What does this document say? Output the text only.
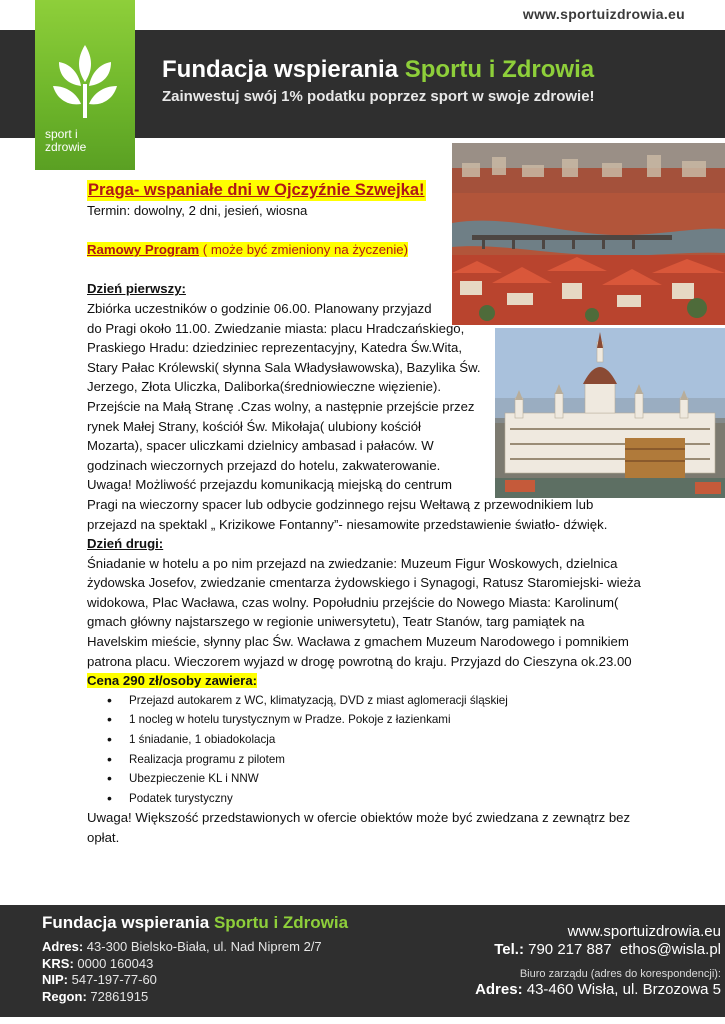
www.sportuizdrowia.eu
sport i
zdrowie
Fundacja wspierania Sportu i Zdrowia
Zainwestuj swój 1% podatku poprzez sport w swoje zdrowie!
Praga- wspaniałe dni w Ojczyźnie Szwejka!
Termin: dowolny, 2 dni, jesień, wiosna
Ramowy Program ( może być zmieniony na życzenie)
Dzień pierwszy:
Zbiórka uczestników o godzinie 06.00. Planowany przyjazd
do Pragi około 11.00. Zwiedzanie miasta: placu Hradczańskiego,
Praskiego Hradu: dziedziniec reprezentacyjny, Katedra Św.Wita,
Stary Pałac Królewski( słynna Sala Władysławowska), Bazylika Św.
Jerzego, Złota Uliczka, Daliborka(średniowieczne więzienie).
Przejście na Małą Stranę .Czas wolny, a następnie przejście przez
rynek Małej Strany, kościół Św. Mikołaja( ulubiony kościół
Mozarta), spacer uliczkami dzielnicy ambasad i pałaców. W
godzinach wieczornych przejazd do hotelu, zakwaterowanie.
Uwaga! Możliwość przejazdu komunikacją miejską do centrum
Pragi na wieczorny spacer lub odbycie godzinnego rejsu Wełtawą z przewodnikiem lub
przejazd na spektakl „ Krizikowe Fontanny”- niesamowite przedstawienie światło- dźwięk.
Dzień drugi:
Śniadanie w hotelu a po nim przejazd na zwiedzanie: Muzeum Figur Woskowych, dzielnica
żydowska Josefov, zwiedzanie cmentarza żydowskiego i Synagogi, Ratusz Staromiejski- wieża
widokowa, Plac Wacława, czas wolny. Popołudniu przejście do Nowego Miasta: Karolinum(
gmach główny najstarszego w regionie uniwersytetu), Teatr Stanów, targ pamiątek na
Havelskim mieście, słynny plac Św. Wacława z gmachem Muzeum Narodowego i pomnikiem
patrona placu. Wieczorem wyjazd w drogę powrotną do kraju. Przyjazd do Cieszyna ok.23.00
Cena 290 zł/osoby zawiera:
• Przejazd autokarem z WC, klimatyzacją, DVD z miast aglomeracji śląskiej
• 1 nocleg w hotelu turystycznym w Pradze. Pokoje z łazienkami
• 1 śniadanie, 1 obiadokolacja
• Realizacja programu z pilotem
• Ubezpieczenie KL i NNW
• Podatek turystyczny
Uwaga! Większość przedstawionych w ofercie obiektów może być zwiedzana z zewnątrz bez
opłat.
Fundacja wspierania Sportu i Zdrowia
Adres: 43-300 Bielsko-Biała, ul. Nad Niprem 2/7
KRS: 0000 160043
NIP: 547-197-77-60
Regon: 72861915
www.sportuizdrowia.eu
Tel.: 790 217 887 ethos@wisla.pl
Biuro zarządu (adres do korespondencji):
Adres: 43-460 Wisła, ul. Brzozowa 5
